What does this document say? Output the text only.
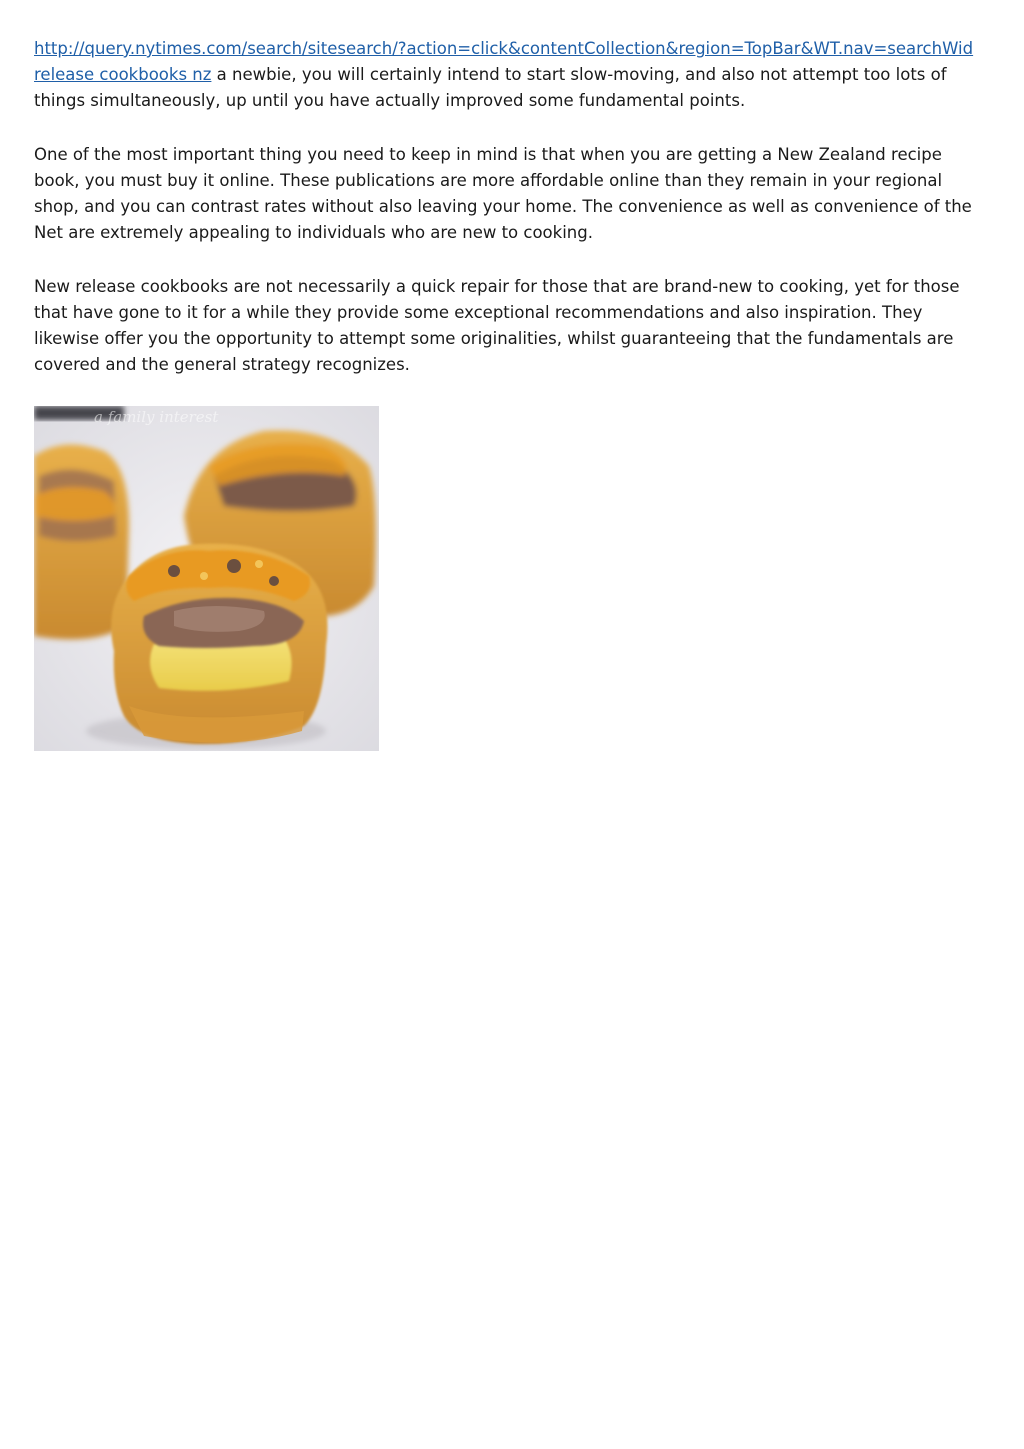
http://query.nytimes.com/search/sitesearch/?action=click&contentCollection&region=TopBar&WT.nav=searchWid
release cookbooks nz a newbie, you will certainly intend to start slow-moving, and also not attempt too lots of things simultaneously, up until you have actually improved some fundamental points.

One of the most important thing you need to keep in mind is that when you are getting a New Zealand recipe book, you must buy it online. These publications are more affordable online than they remain in your regional shop, and you can contrast rates without also leaving your home. The convenience as well as convenience of the Net are extremely appealing to individuals who are new to cooking.

New release cookbooks are not necessarily a quick repair for those that are brand-new to cooking, yet for those that have gone to it for a while they provide some exceptional recommendations and also inspiration. They likewise offer you the opportunity to attempt some originalities, whilst guaranteeing that the fundamentals are covered and the general strategy recognizes.

a family interest
